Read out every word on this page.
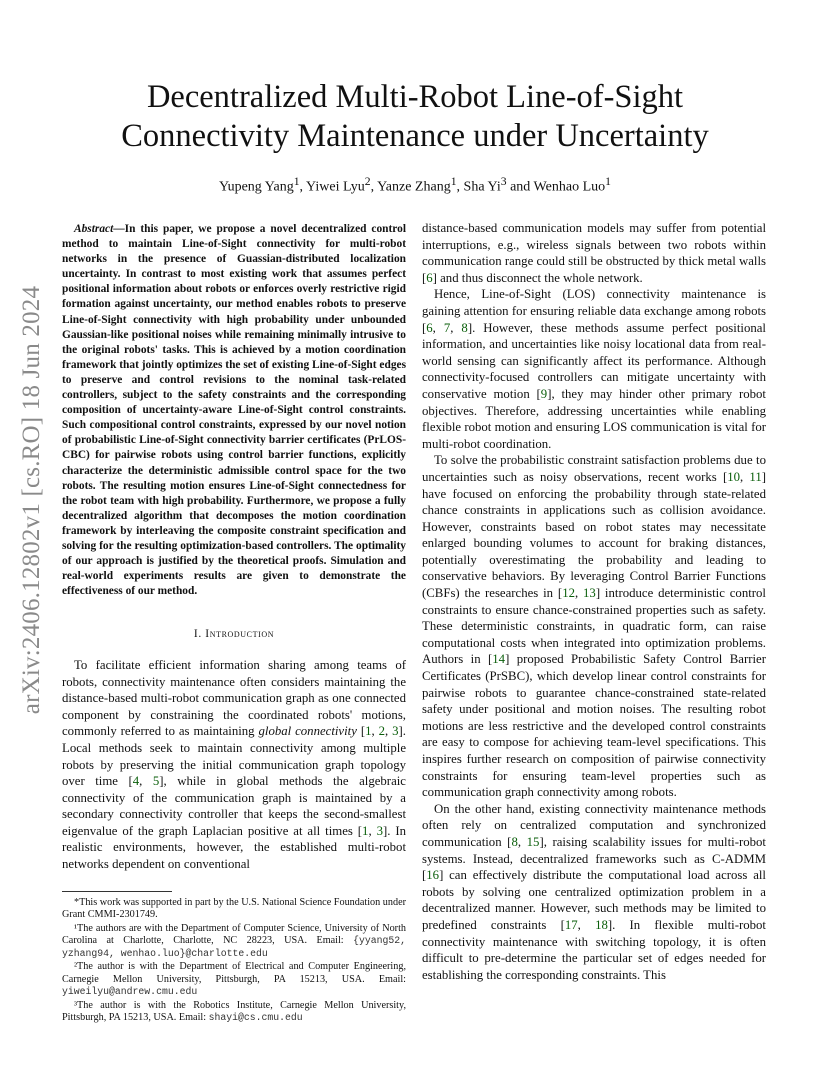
arXiv:2406.12802v1 [cs.RO] 18 Jun 2024
Decentralized Multi-Robot Line-of-Sight
Connectivity Maintenance under Uncertainty
Yupeng Yang$^1$, Yiwei Lyu$^2$, Yanze Zhang$^1$, Sha Yi$^3$ and Wenhao Luo$^1$

Abstract—In this paper, we propose a novel decentralized control method to maintain Line-of-Sight connectivity for multi-robot networks in the presence of Guassian-distributed localization uncertainty. In contrast to most existing work that assumes perfect positional information about robots or enforces overly restrictive rigid formation against uncertainty, our method enables robots to preserve Line-of-Sight connectivity with high probability under unbounded Gaussian-like positional noises while remaining minimally intrusive to the original robots' tasks. This is achieved by a motion coordination framework that jointly optimizes the set of existing Line-of-Sight edges to preserve and control revisions to the nominal task-related controllers, subject to the safety constraints and the corresponding composition of uncertainty-aware Line-of-Sight control constraints. Such compositional control constraints, expressed by our novel notion of probabilistic Line-of-Sight connectivity barrier certificates (PrLOS-CBC) for pairwise robots using control barrier functions, explicitly characterize the deterministic admissible control space for the two robots. The resulting motion ensures Line-of-Sight connectedness for the robot team with high probability. Furthermore, we propose a fully decentralized algorithm that decomposes the motion coordination framework by interleaving the composite constraint specification and solving for the resulting optimization-based controllers. The optimality of our approach is justified by the theoretical proofs. Simulation and real-world experiments results are given to demonstrate the effectiveness of our method.

I. Introduction

To facilitate efficient information sharing among teams of robots, connectivity maintenance often considers maintaining the distance-based multi-robot communication graph as one connected component by constraining the coordinated robots' motions, commonly referred to as maintaining global connectivity [1, 2, 3]. Local methods seek to maintain connectivity among multiple robots by preserving the initial communication graph topology over time [4, 5], while in global methods the algebraic connectivity of the communication graph is maintained by a secondary connectivity controller that keeps the second-smallest eigenvalue of the graph Laplacian positive at all times [1, 3]. In realistic environments, however, the established multi-robot networks dependent on conventional

*This work was supported in part by the U.S. National Science Foundation under Grant CMMI-2301749.

¹The authors are with the Department of Computer Science, University of North Carolina at Charlotte, Charlotte, NC 28223, USA. Email: {yyang52, yzhang94, wenhao.luo}@charlotte.edu

²The author is with the Department of Electrical and Computer Engineering, Carnegie Mellon University, Pittsburgh, PA 15213, USA. Email: yiweilyu@andrew.cmu.edu

³The author is with the Robotics Institute, Carnegie Mellon University, Pittsburgh, PA 15213, USA. Email: shayi@cs.cmu.edu

distance-based communication models may suffer from potential interruptions, e.g., wireless signals between two robots within communication range could still be obstructed by thick metal walls [6] and thus disconnect the whole network.

Hence, Line-of-Sight (LOS) connectivity maintenance is gaining attention for ensuring reliable data exchange among robots [6, 7, 8]. However, these methods assume perfect positional information, and uncertainties like noisy locational data from real-world sensing can significantly affect its performance. Although connectivity-focused controllers can mitigate uncertainty with conservative motion [9], they may hinder other primary robot objectives. Therefore, addressing uncertainties while enabling flexible robot motion and ensuring LOS communication is vital for multi-robot coordination.

To solve the probabilistic constraint satisfaction problems due to uncertainties such as noisy observations, recent works [10, 11] have focused on enforcing the probability through state-related chance constraints in applications such as collision avoidance. However, constraints based on robot states may necessitate enlarged bounding volumes to account for braking distances, potentially overestimating the probability and leading to conservative behaviors. By leveraging Control Barrier Functions (CBFs) the researches in [12, 13] introduce deterministic control constraints to ensure chance-constrained properties such as safety. These deterministic constraints, in quadratic form, can raise computational costs when integrated into optimization problems. Authors in [14] proposed Probabilistic Safety Control Barrier Certificates (PrSBC), which develop linear control constraints for pairwise robots to guarantee chance-constrained state-related safety under positional and motion noises. The resulting robot motions are less restrictive and the developed control constraints are easy to compose for achieving team-level specifications. This inspires further research on composition of pairwise connectivity constraints for ensuring team-level properties such as communication graph connectivity among robots.

On the other hand, existing connectivity maintenance methods often rely on centralized computation and synchronized communication [8, 15], raising scalability issues for multi-robot systems. Instead, decentralized frameworks such as C-ADMM [16] can effectively distribute the computational load across all robots by solving one centralized optimization problem in a decentralized manner. However, such methods may be limited to predefined constraints [17, 18]. In flexible multi-robot connectivity maintenance with switching topology, it is often difficult to pre-determine the particular set of edges needed for establishing the corresponding constraints. This
